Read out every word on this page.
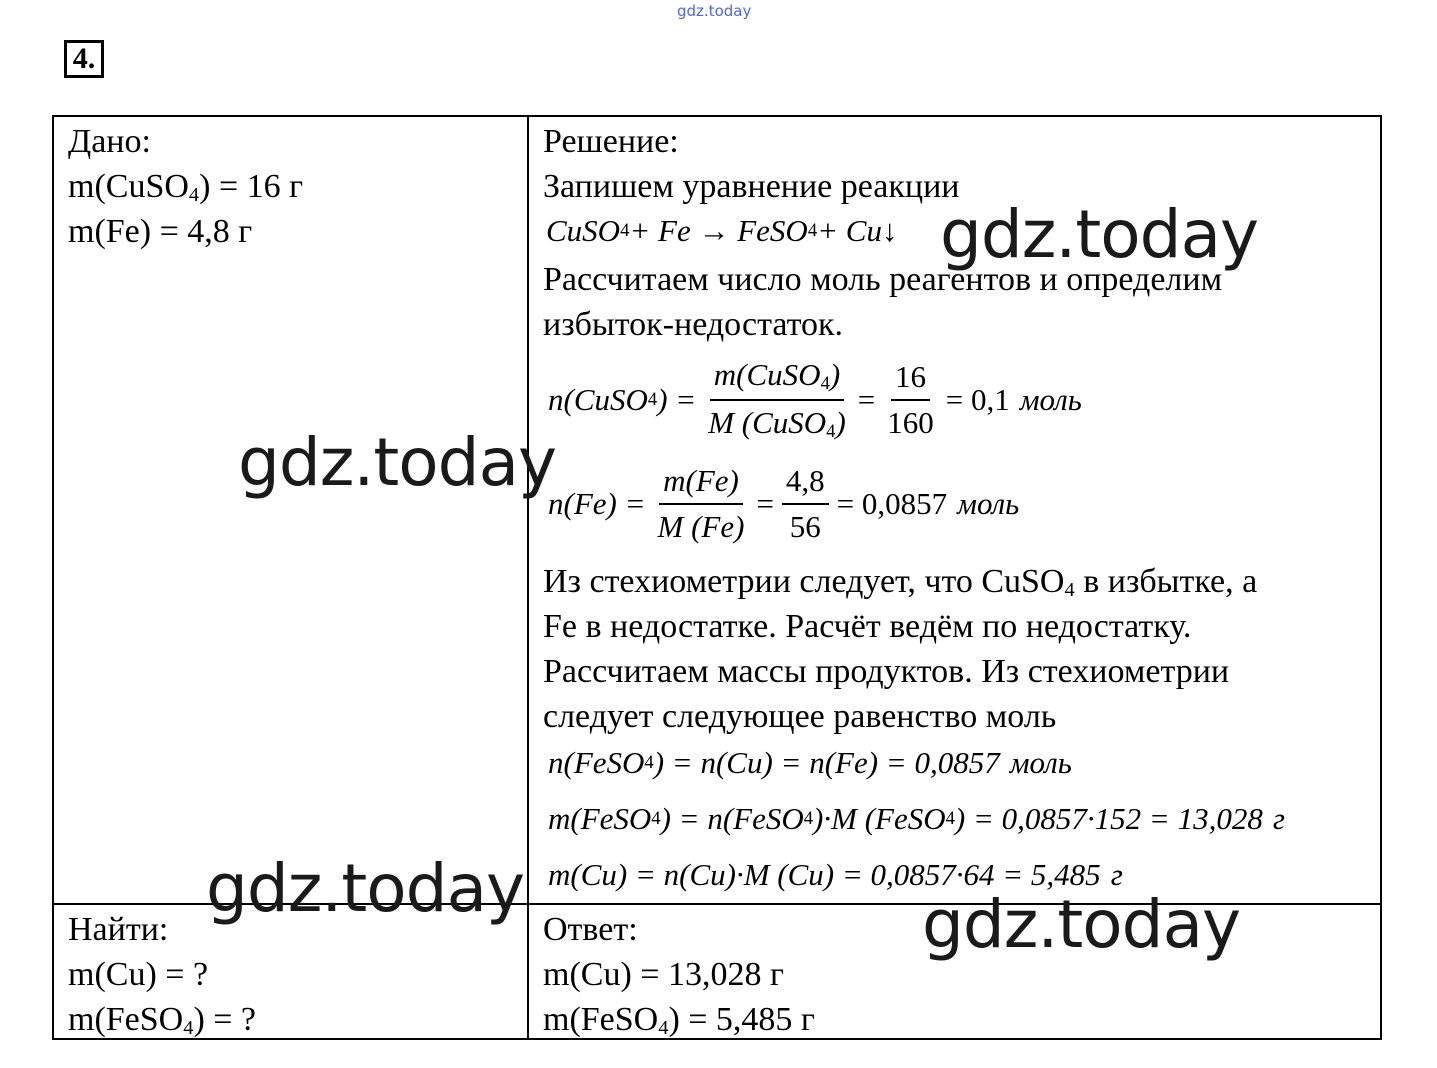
gdz.today
4.
Дано:
m(CuSO$_4$) = 16 г
m(Fe) = 4,8 г
Найти:
m(Cu) = ?
m(FeSO$_4$) = ?
Решение:
Запишем уравнение реакции
CuSO 4 + Fe → FeSO 4 + Cu↓
Рассчитаем число моль реагентов и определим
избыток-недостаток.
n(CuSO 4 ) = $\frac{m(CuSO_4)}{M (CuSO_4)} = \frac{16}{160} = 0,1$ моль
$n(Fe) = \frac{m(Fe)}{M (Fe)} = \frac{4,8}{56} = 0,0857$ моль
Из стехиометрии следует, что CuSO$_4$ в избытке, а
Fe в недостатке. Расчёт ведём по недостатку.
Рассчитаем массы продуктов. Из стехиометрии
следует следующее равенство моль
n(FeSO 4 ) = n(Cu) = n(Fe) = 0,0857 моль
m(FeSO 4 ) = n(FeSO 4 )·M (FeSO 4 ) = 0,0857·152 = 13,028 г
m(Cu) = n(Cu)·M (Cu) = 0,0857·64 = 5,485 г
Ответ:
m(Cu) = 13,028 г
m(FeSO$_4$) = 5,485 г
gdz.today
gdz.today
gdz.today	gdz.today
